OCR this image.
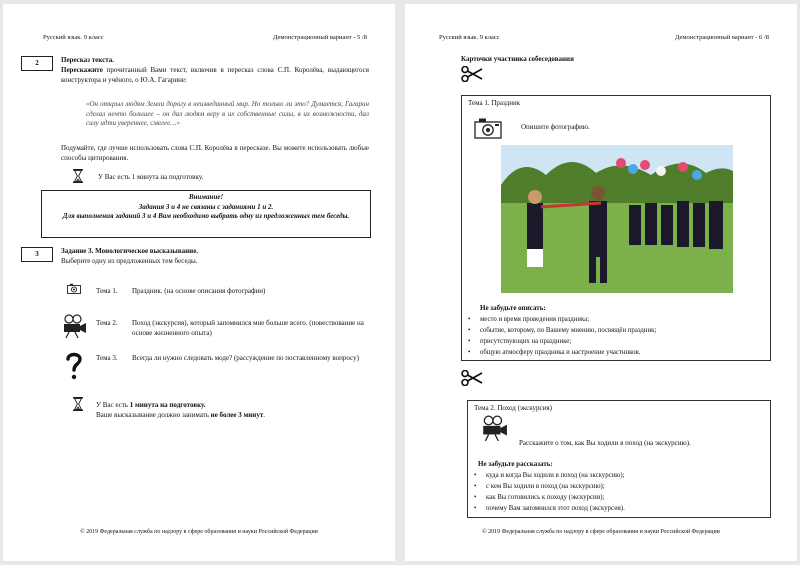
Русский язык. 9 класс	Демонстрационный вариант - 5 /8
2	Пересказ текста.
Перескажите прочитанный Вами текст, включив в пересказ слова С.П. Королёва, выдающегося конструктора и учёного, о Ю.А. Гагарине:
«Он открыл людям Земли дорогу в неизведанный мир. Но только ли это? Думается, Гагарин сделал нечто большее – он дал людям веру в их собственные силы, в их возможности, дал силу идти увереннее, смелее…»
Подумайте, где лучше использовать слова С.П. Королёва в пересказе. Вы можете использовать любые способы цитирования.
У Вас есть 1 минута на подготовку.
Внимание!
Задания 3 и 4 не связаны с заданиями 1 и 2.
Для выполнения заданий 3 и 4 Вам необходимо выбрать одну из предложенных тем беседы.
3	Задание 3. Монологическое высказывание.
Выберите одну из предложенных тем беседы.
Тема 1. Праздник. (на основе описания фотографии)
Тема 2. Поход (экскурсия), который запомнился мне больше всего. (повествование на основе жизненного опыта)
Тема 3. Всегда ли нужно следовать моде? (рассуждение по поставленному вопросу)
У Вас есть 1 минута на подготовку.
Ваше высказывание должно занимать не более 3 минут.
© 2019 Федеральная служба по надзору в сфере образования и науки Российской Федерации
Русский язык. 9 класс	Демонстрационный вариант - 6 /8
Карточки участника собеседования
Тема 1. Праздник
Опишите фотографию.
Не забудьте описать:
• место и время проведения праздника;
• событие, которому, по Вашему мнению, посвящён праздник;
• присутствующих на празднике;
• общую атмосферу праздника и настроение участников.
Тема 2. Поход (экскурсия)
Расскажите о том, как Вы ходили в поход (на экскурсию).
Не забудьте рассказать:
• куда и когда Вы ходили в поход (на экскурсию);
• с кем Вы ходили в поход (на экскурсию);
• как Вы готовились к походу (экскурсии);
• почему Вам запомнился этот поход (экскурсия).
© 2019 Федеральная служба по надзору в сфере образования и науки Российской Федерации
